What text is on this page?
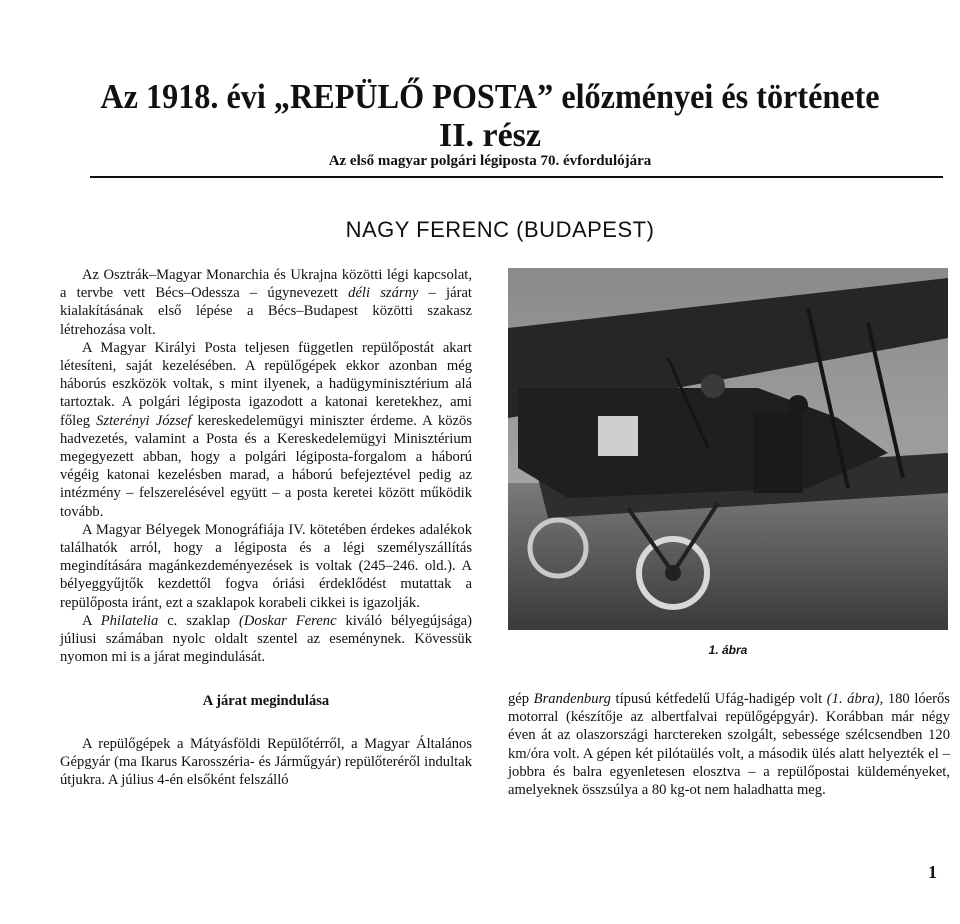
Az 1918. évi „REPÜLŐ POSTA” előzményei és története
II. rész
Az első magyar polgári légiposta 70. évfordulójára
NAGY FERENC (BUDAPEST)

Az Osztrák–Magyar Monarchia és Ukrajna közötti légi kapcsolat, a tervbe vett Bécs–Odessza – úgynevezett déli szárny – járat kialakításának első lépése a Bécs–Budapest közötti szakasz létrehozása volt.

A Magyar Királyi Posta teljesen független repülőpostát akart létesíteni, saját kezelésében. A repülőgépek ekkor azonban még háborús eszközök voltak, s mint ilyenek, a hadügyminisztérium alá tartoztak. A polgári légiposta igazodott a katonai keretekhez, ami főleg Szterényi József kereskedelemügyi miniszter érdeme. A közös hadvezetés, valamint a Posta és a Kereskedelemügyi Minisztérium megegyezett abban, hogy a polgári légiposta-forgalom a háború végéig katonai kezelésben marad, a háború befejeztével pedig az intézmény – felszerelésével együtt – a posta keretei között működik tovább.

A Magyar Bélyegek Monográfiája IV. kötetében érdekes adalékok találhatók arról, hogy a légiposta és a légi személyszállítás megindítására magánkezdeményezések is voltak (245–246. old.). A bélyeggyűjtők kezdettől fogva óriási érdeklődést mutattak a repülőposta iránt, ezt a szaklapok korabeli cikkei is igazolják.

A Philatelia c. szaklap (Doskar Ferenc kiváló bélyegújsága) júliusi számában nyolc oldalt szentel az eseménynek. Kövessük nyomon mi is a járat megindulását.

A járat megindulása

A repülőgépek a Mátyásföldi Repülőtérről, a Magyar Általános Gépgyár (ma Ikarus Karosszéria- és Járműgyár) repülőteréről indultak útjukra. A július 4-én elsőként felszálló

1. ábra

gép Brandenburg típusú kétfedelű Ufág-hadigép volt (1. ábra), 180 lóerős motorral (készítője az albertfalvai repülőgépgyár). Korábban már négy éven át az olaszországi harctereken szolgált, sebessége szélcsendben 120 km/óra volt. A gépen két pilótaülés volt, a második ülés alatt helyezték el – jobbra és balra egyenletesen elosztva – a repülőpostai küldeményeket, amelyeknek összsúlya a 80 kg-ot nem haladhatta meg.

1
